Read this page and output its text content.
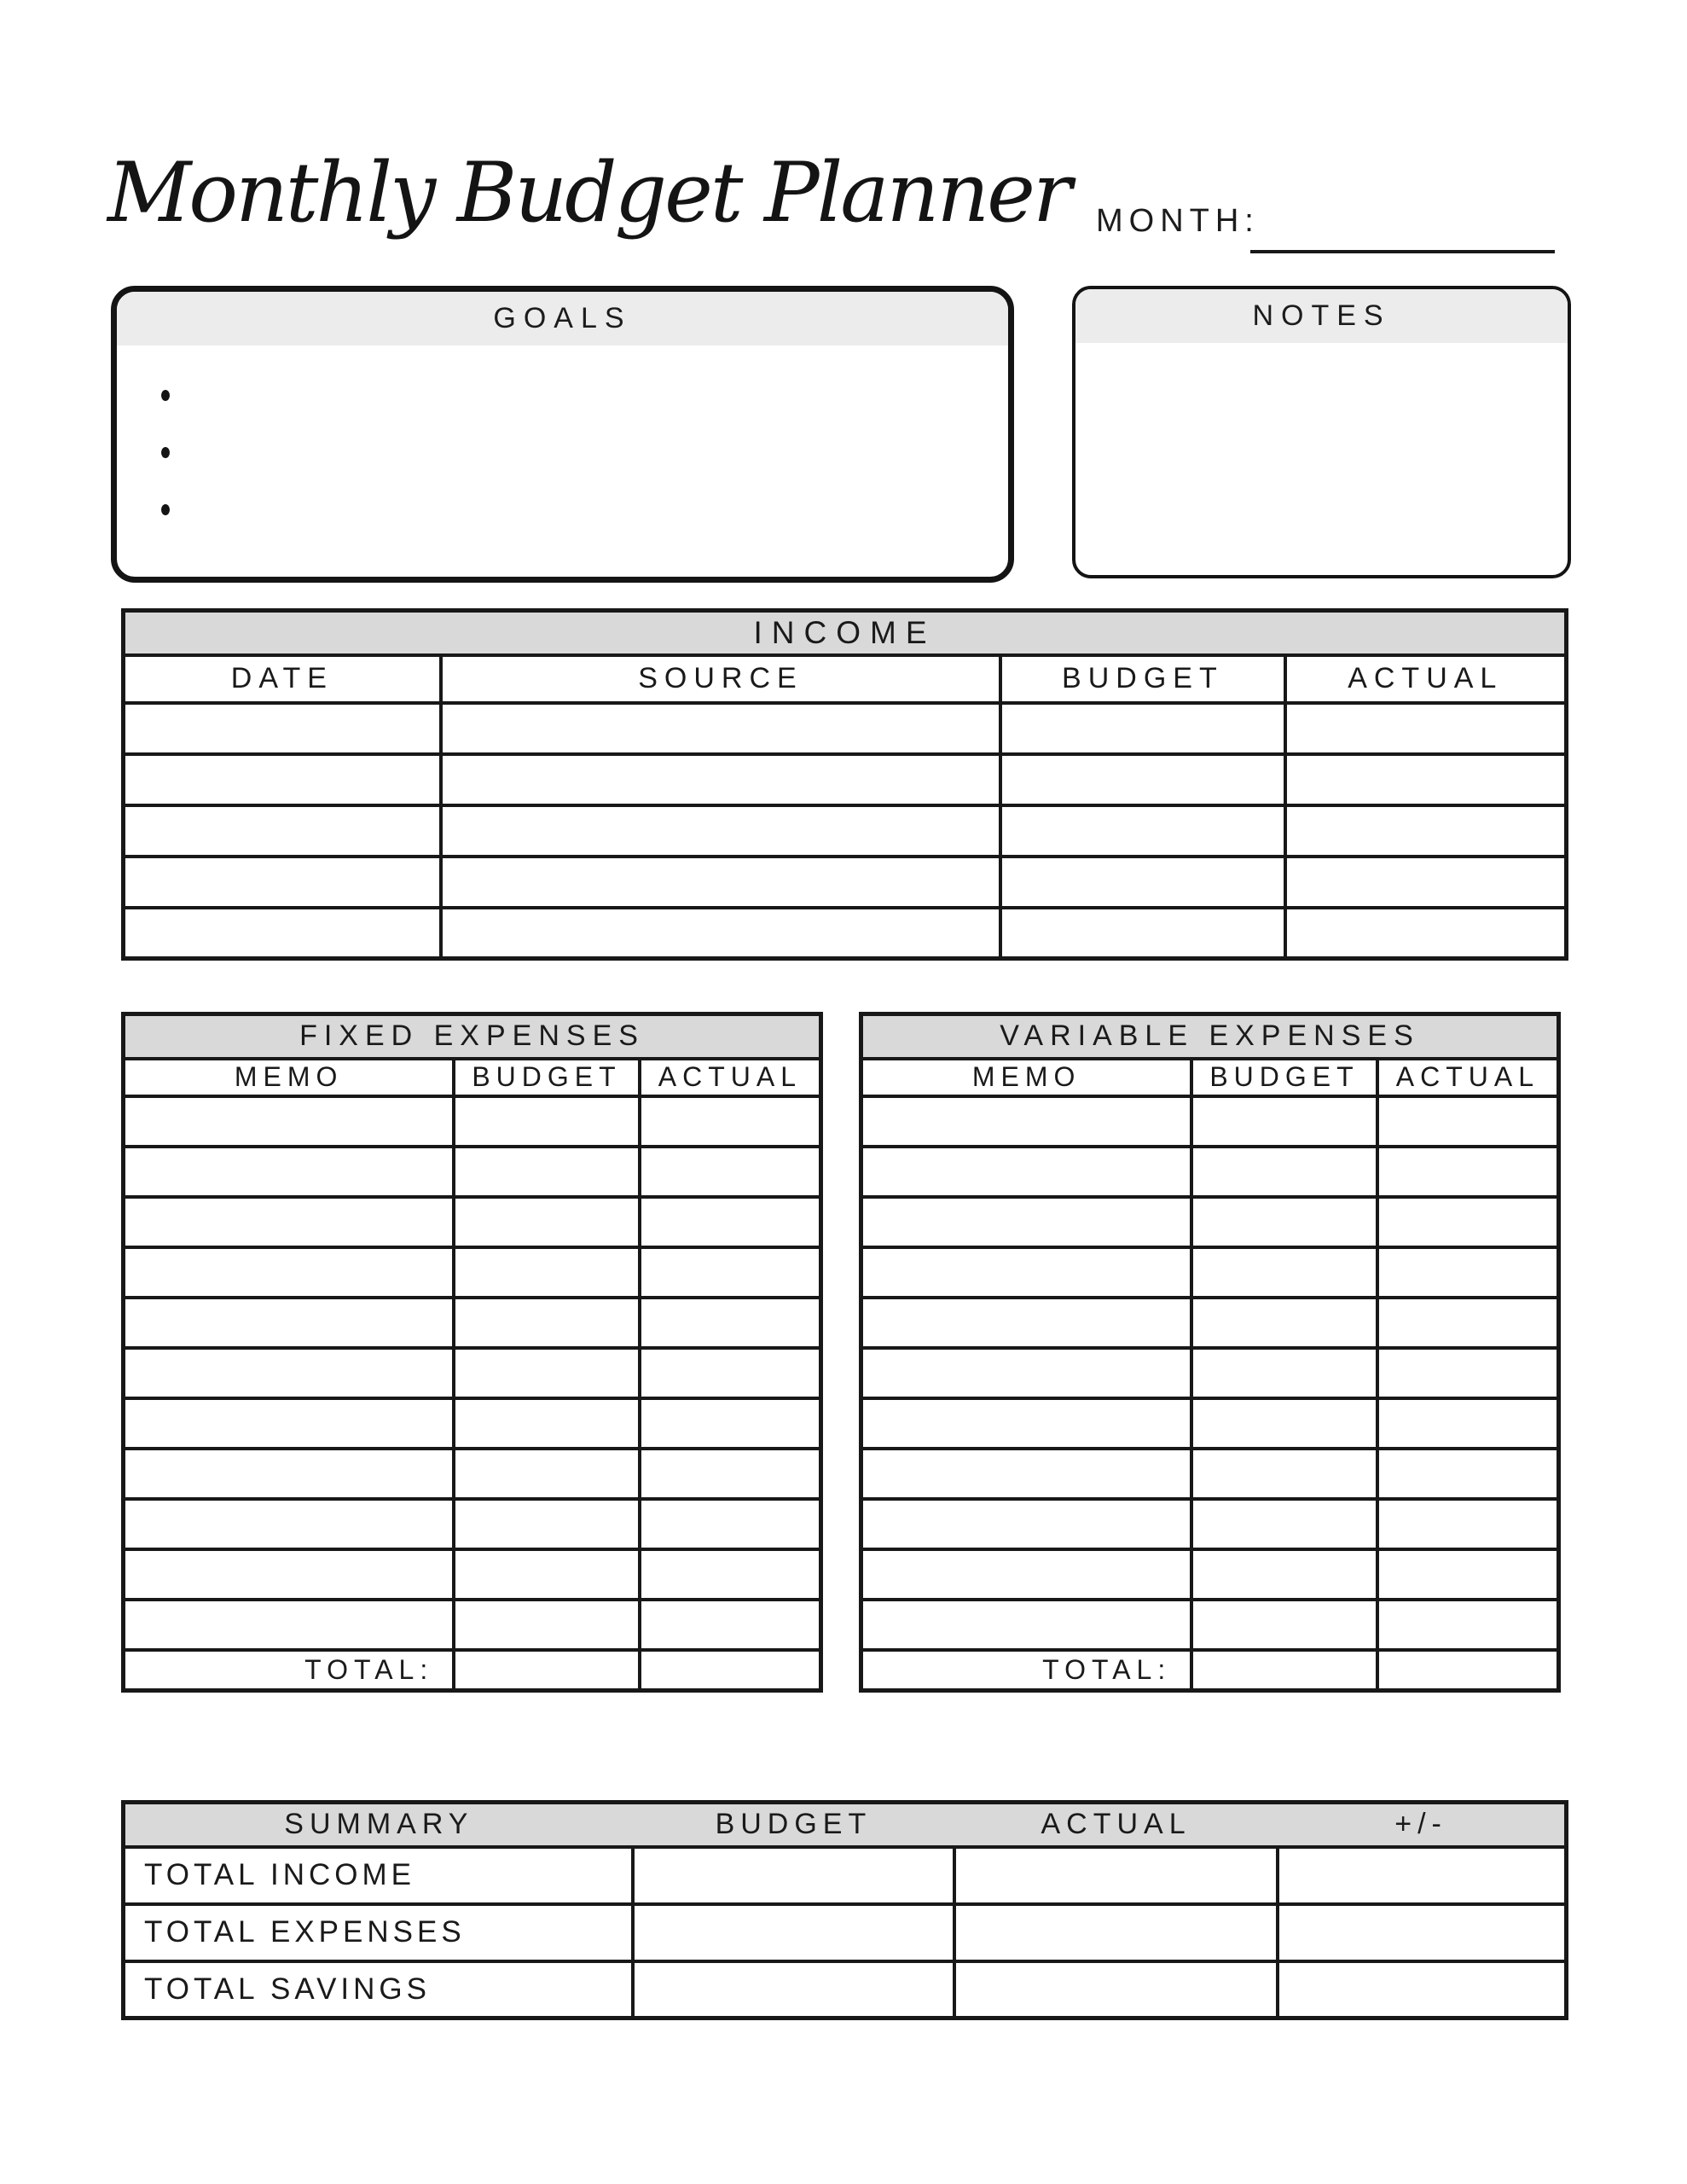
Monthly Budget Planner MONTH:
GOALS	NOTES
INCOME			
DATE	SOURCE	BUDGET	ACTUAL

FIXED EXPENSES		
MEMO	BUDGET	ACTUAL

TOTAL:		
VARIABLE EXPENSES		
MEMO	BUDGET	ACTUAL

TOTAL:		
SUMMARY	BUDGET	ACTUAL	+/-
TOTAL INCOME			
TOTAL EXPENSES			
TOTAL SAVINGS			
